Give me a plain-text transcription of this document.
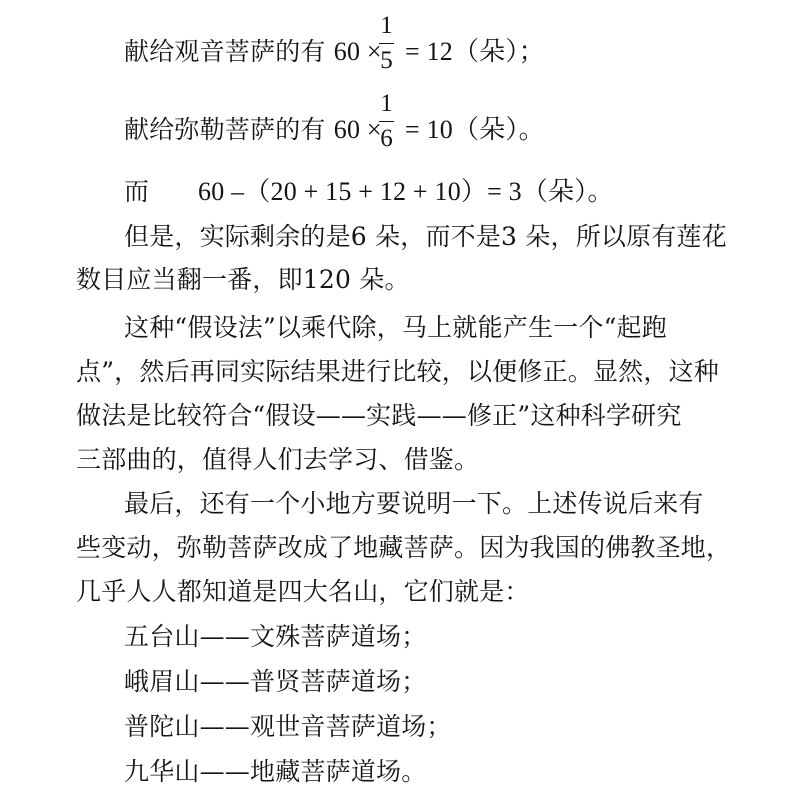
献给观音菩萨的有 60 ×
1
5 = 12（朵）；
献给弥勒菩萨的有 60 ×
1
6 = 10（朵）。
而 60 –（20 + 15 + 12 + 10）= 3（朵）。
但是，实际剩余的是6 朵，而不是3 朵，所以原有莲花
数目应当翻一番，即120 朵。
这种“假设法”以乘代除，马上就能产生一个“起跑
点”，然后再同实际结果进行比较，以便修正。显然，这种
做法是比较符合“假设——实践——修正”这种科学研究
三部曲的，值得人们去学习、借鉴。
最后，还有一个小地方要说明一下。上述传说后来有
些变动，弥勒菩萨改成了地藏菩萨。因为我国的佛教圣地，
几乎人人都知道是四大名山，它们就是：
五台山——文殊菩萨道场；
峨眉山——普贤菩萨道场；
普陀山——观世音菩萨道场；
九华山——地藏菩萨道场。
